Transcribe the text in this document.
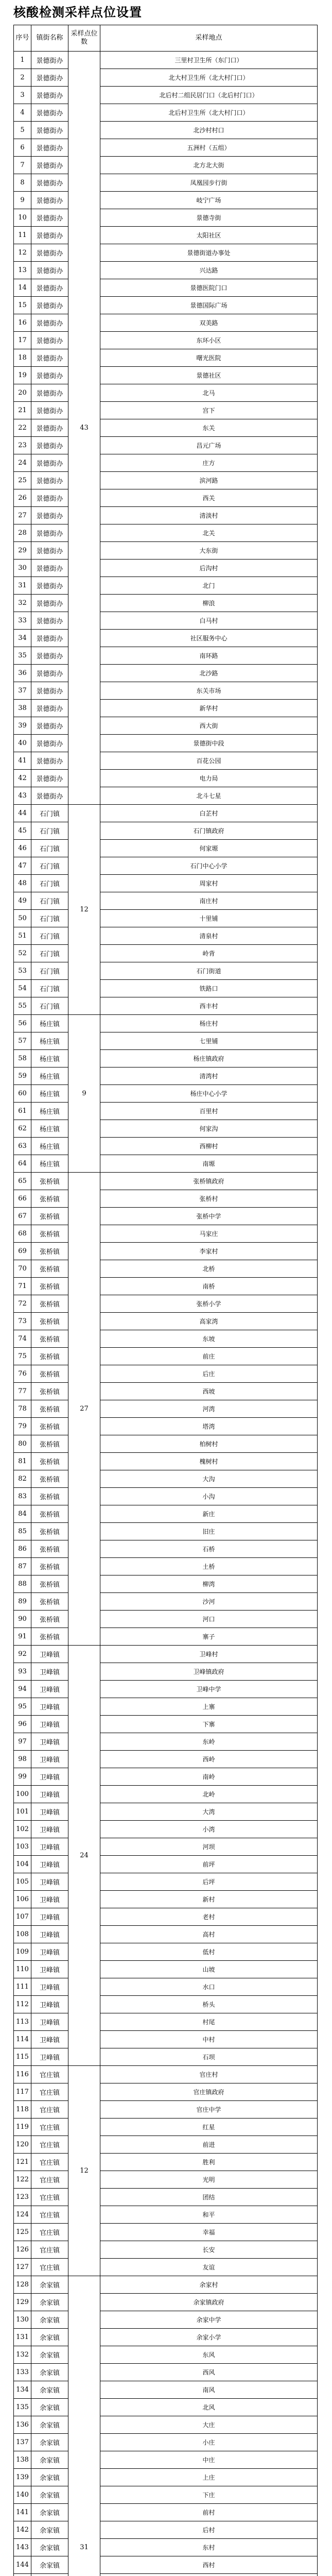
核酸检测采样点位设置
序号	镇街名称	采样点位数	采样地点
1	景德街办	43	三里村卫生所（东门口）
2	景德街办		北大村卫生所（北大村门口）
3	景德街办		北后村二组民居门口（北后村门口）
4	景德街办		北后村卫生所（北大村门口）
5	景德街办		北沙村村口
6	景德街办		五洲村（五组）
7	景德街办		北方北大街
8	景德街办		凤凰园步行街
9	景德街办		岐宁广场
10	景德街办		景德寺街
11	景德街办		太阳社区
12	景德街办		景德街道办事处
13	景德街办		兴达路
14	景德街办		景德医院门口
15	景德街办		景德国际广场
16	景德街办		双美路
17	景德街办		东环小区
18	景德街办		曙光医院
19	景德街办		景德社区
20	景德街办		北马
21	景德街办		宫下
22	景德街办		东关
23	景德街办		昌元广场
24	景德街办		庄方
25	景德街办		滨河路
26	景德街办		西关
27	景德街办		清淡村
28	景德街办		北关
29	景德街办		大东街
30	景德街办		后沟村
31	景德街办		北门
32	景德街办		柳浪
33	景德街办		白马村
34	景德街办		社区服务中心
35	景德街办		南环路
36	景德街办		北沙路
37	景德街办		东关市场
38	景德街办		新华村
39	景德街办		西大街
40	景德街办		景德街中段
41	景德街办		百花公园
42	景德街办		电力局
43	景德街办		北斗七星
44	石门镇	12	白芷村
45	石门镇		石门镇政府
46	石门镇		何家塬
47	石门镇		石门中心小学
48	石门镇		周家村
49	石门镇		南庄村
50	石门镇		十里铺
51	石门镇		清泉村
52	石门镇		岭背
53	石门镇		石门街道
54	石门镇		铁路口
55	石门镇		西丰村
56	杨庄镇	9	杨庄村
57	杨庄镇		七里铺
58	杨庄镇		杨庄镇政府
59	杨庄镇		清湾村
60	杨庄镇		杨庄中心小学
61	杨庄镇		百里村
62	杨庄镇		何家沟
63	杨庄镇		西柳村
64	杨庄镇		南塬
65	张桥镇	27	张桥镇政府
66	张桥镇		张桥村
67	张桥镇		张桥中学
68	张桥镇		马家庄
69	张桥镇		李家村
70	张桥镇		北桥
71	张桥镇		南桥
72	张桥镇		张桥小学
73	张桥镇		高家湾
74	张桥镇		东坡
75	张桥镇		前庄
76	张桥镇		后庄
77	张桥镇		西坡
78	张桥镇		河湾
79	张桥镇		塔湾
80	张桥镇		柏树村
81	张桥镇		槐树村
82	张桥镇		大沟
83	张桥镇		小沟
84	张桥镇		新庄
85	张桥镇		旧庄
86	张桥镇		石桥
87	张桥镇		土桥
88	张桥镇		柳湾
89	张桥镇		沙河
90	张桥镇		河口
91	张桥镇		寨子
92	卫峰镇	24	卫峰村
93	卫峰镇		卫峰镇政府
94	卫峰镇		卫峰中学
95	卫峰镇		上寨
96	卫峰镇		下寨
97	卫峰镇		东岭
98	卫峰镇		西岭
99	卫峰镇		南岭
100	卫峰镇		北岭
101	卫峰镇		大湾
102	卫峰镇		小湾
103	卫峰镇		河坝
104	卫峰镇		前坪
105	卫峰镇		后坪
106	卫峰镇		新村
107	卫峰镇		老村
108	卫峰镇		高村
109	卫峰镇		低村
110	卫峰镇		山坡
111	卫峰镇		水口
112	卫峰镇		桥头
113	卫峰镇		村尾
114	卫峰镇		中村
115	卫峰镇		石坝
116	官庄镇	12	官庄村
117	官庄镇		官庄镇政府
118	官庄镇		官庄中学
119	官庄镇		红星
120	官庄镇		前进
121	官庄镇		胜利
122	官庄镇		光明
123	官庄镇		团结
124	官庄镇		和平
125	官庄镇		幸福
126	官庄镇		长安
127	官庄镇		友谊
128	余家镇	31	余家村
129	余家镇		余家镇政府
130	余家镇		余家中学
131	余家镇		余家小学
132	余家镇		东风
133	余家镇		西风
134	余家镇		南风
135	余家镇		北风
136	余家镇		大庄
137	余家镇		小庄
138	余家镇		中庄
139	余家镇		上庄
140	余家镇		下庄
141	余家镇		前村
142	余家镇		后村
143	余家镇		东村
144	余家镇		西村
